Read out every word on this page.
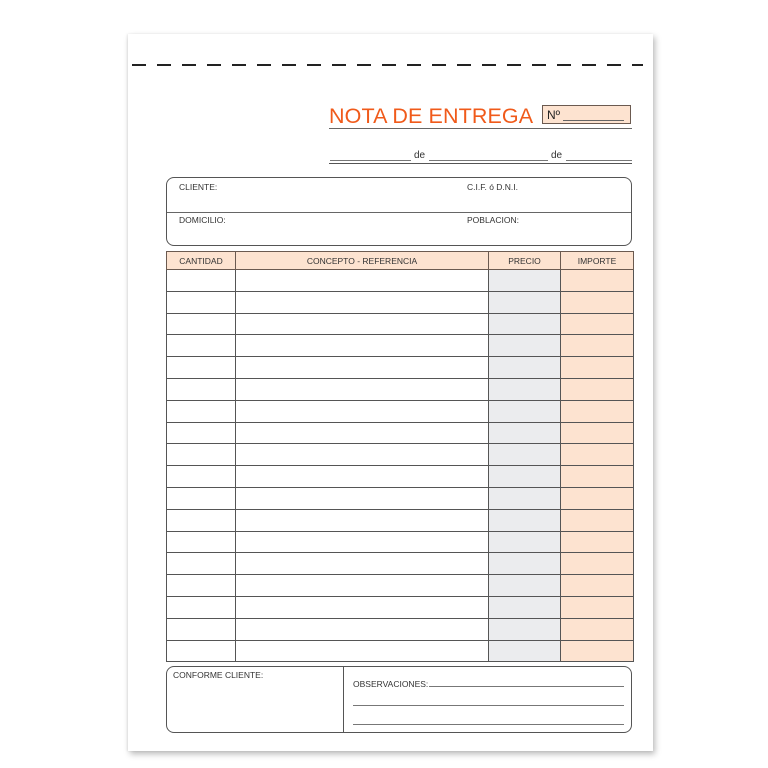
NOTA DE ENTREGA Nº
de	de
CLIENTE:	C.I.F. ó D.N.I.
DOMICILIO:	POBLACION:
CANTIDAD	CONCEPTO - REFERENCIA	PRECIO	IMPORTE

CONFORME CLIENTE:
OBSERVACIONES:
